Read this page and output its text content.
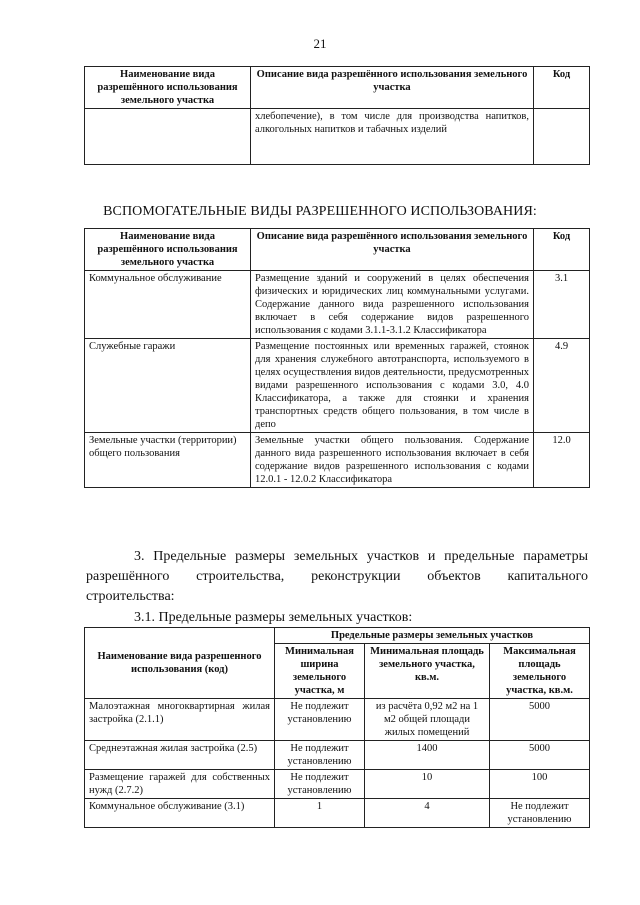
21
Наименование вида разрешённого использования земельного участка	Описание вида разрешённого использования земельного участка	Код
	хлебопечение), в том числе для производства напитков, алкогольных напитков и табачных изделий	
ВСПОМОГАТЕЛЬНЫЕ ВИДЫ РАЗРЕШЕННОГО ИСПОЛЬЗОВАНИЯ:
Наименование вида разрешённого использования земельного участка	Описание вида разрешённого использования земельного участка	Код
Коммунальное обслуживание	Размещение зданий и сооружений в целях обеспечения физических и юридических лиц коммунальными услугами. Содержание данного вида разрешенного использования включает в себя содержание видов разрешенного использования с кодами 3.1.1-3.1.2 Классификатора	3.1
Служебные гаражи	Размещение постоянных или временных гаражей, стоянок для хранения служебного автотранспорта, используемого в целях осуществления видов деятельности, предусмотренных видами разрешенного использования с кодами 3.0, 4.0 Классификатора, а также для стоянки и хранения транспортных средств общего пользования, в том числе в депо	4.9
Земельные участки (территории) общего пользования	Земельные участки общего пользования. Содержание данного вида разрешенного использования включает в себя содержание видов разрешенного использования с кодами 12.0.1 - 12.0.2 Классификатора	12.0
3. Предельные размеры земельных участков и предельные параметры
разрешённого строительства, реконструкции объектов капитального
строительства:
3.1. Предельные размеры земельных участков:
Наименование вида разрешенного использования (код)	Предельные размеры земельных участков		
	Минимальная ширина земельного участка, м	Минимальная площадь земельного участка, кв.м.	Максимальная площадь земельного участка, кв.м.
Малоэтажная многоквартирная жилая застройка (2.1.1)	Не подлежит установлению	из расчёта 0,92 м2 на 1 м2 общей площади жилых помещений	5000
Среднеэтажная жилая застройка (2.5)	Не подлежит установлению	1400	5000
Размещение гаражей для собственных нужд (2.7.2)	Не подлежит установлению	10	100
Коммунальное обслуживание (3.1)	1	4	Не подлежит установлению
